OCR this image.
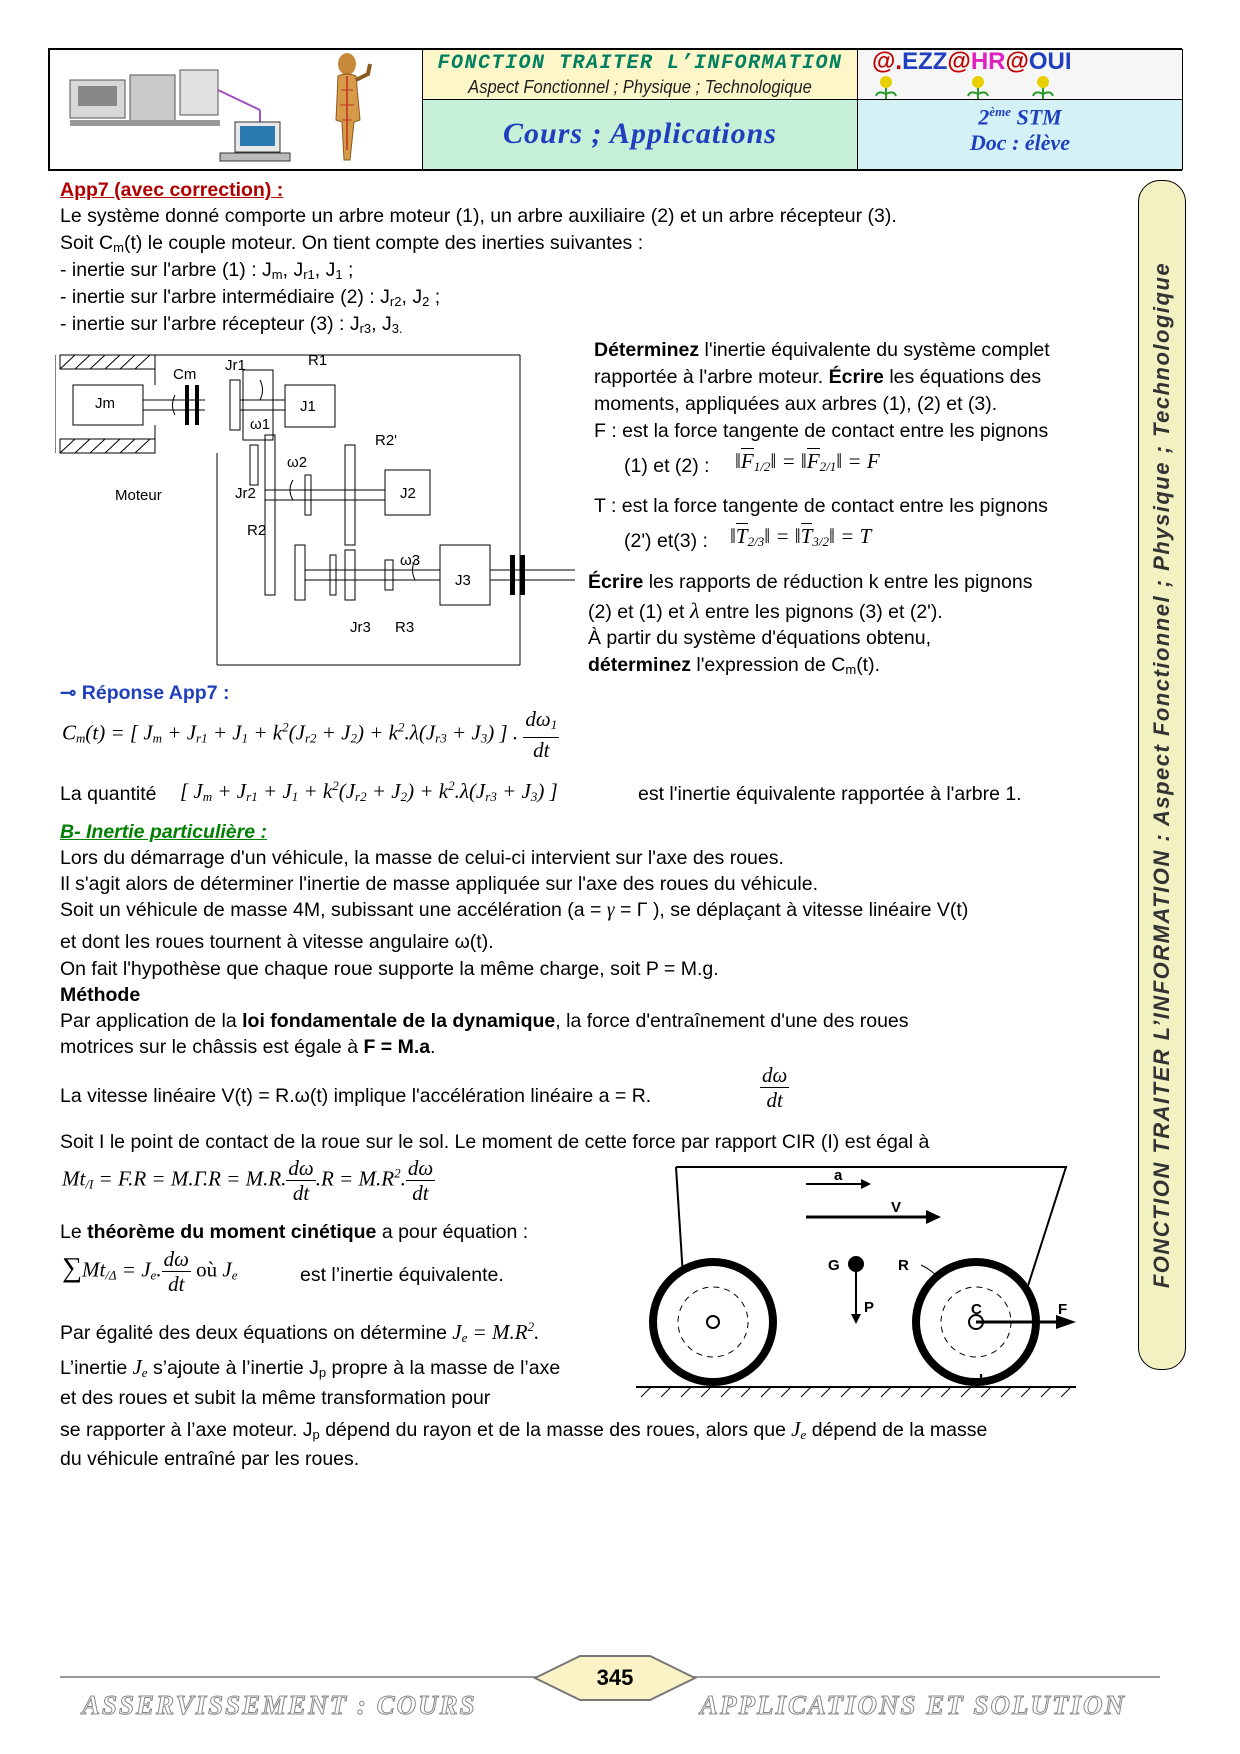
FONCTION TRAITER L’INFORMATION
Aspect Fonctionnel ; Physique ; Technologique
Cours ; Applications
@.EZZ@HR@OUI
2ème STM
Doc : élève
FONCTION TRAITER L’INFORMATION : Aspect Fonctionnel ; Physique ; Technologique
App7 (avec correction) :
Le système donné comporte un arbre moteur (1), un arbre auxiliaire (2) et un arbre récepteur (3).
Soit $C_m(t)$ le couple moteur. On tient compte des inerties suivantes :
- inertie sur l'arbre (1) : $J_m$, $J_{r1}$, $J_1$ ;
- inertie sur l'arbre intermédiaire (2) : $J_{r2}$, $J_2$ ;
- inertie sur l'arbre récepteur (3) : $J_{r3}$, $J_{3.}$
Déterminez l'inertie équivalente du système complet
rapportée à l'arbre moteur. Écrire les équations des
moments, appliquées aux arbres (1), (2) et (3).
F : est la force tangente de contact entre les pignons
(1) et (2) : $‖F_{1/2}‖$ = $‖F_{2/1}‖ = F$
T : est la force tangente de contact entre les pignons
(2') et(3) : $‖T_{2/3}‖$ = $‖T_{3/2}‖ = T$
Écrire les rapports de réduction k entre les pignons
(2) et (1) et λ entre les pignons (3) et (2').
À partir du système d'équations obtenu,
déterminez l'expression de $C_m(t)$.
Cm
Jr1	R1
Jm	J1
ω1
R2'
ω2
Moteur	Jr2	J2
R2
ω3
J3
Jr3 R3
⊸ Réponse App7 :
$C_m(t)$ = [ $J_m + J_{r1} + J_1 + k^2(J_{r2} + J_2) + k^2.\lambda(J_{r3} + J_3)$ ] . $\frac{d\omega_1}{dt}$
La quantité [ $J_m + J_{r1} + J_1 + k^2(J_{r2} + J_2) + k^2.\lambda(J_{r3} + J_3)$ ]	est l'inertie équivalente rapportée à l'arbre 1.
B- Inertie particulière :
Lors du démarrage d'un véhicule, la masse de celui-ci intervient sur l'axe des roues.
Il s'agit alors de déterminer l'inertie de masse appliquée sur l'axe des roues du véhicule.
Soit un véhicule de masse 4M, subissant une accélération (a = γ = Γ ), se déplaçant à vitesse linéaire V(t)
et dont les roues tournent à vitesse angulaire ω(t).
On fait l'hypothèse que chaque roue supporte la même charge, soit P = M.g.
Méthode
Par application de la loi fondamentale de la dynamique, la force d'entraînement d'une des roues
motrices sur le châssis est égale à F = M.a.
La vitesse linéaire V(t) = R.ω(t) implique l'accélération linéaire a = R.	$\frac{d\omega}{dt}$
Soit I le point de contact de la roue sur le sol. Le moment de cette force par rapport CIR (I) est égal à
$Mt_{/I} = F.R = M.\Gamma.R = M.R$. $\frac{d\omega}{dt} .R = M.R^2$. $\frac{d\omega}{dt}$
Le théorème du moment cinétique a pour équation :
$\sum Mt_{/\Delta} = J_e$. $\frac{d\omega}{dt}$ où $J_e$	est l’inertie équivalente.
Par égalité des deux équations on détermine $J_e = M.R^2$.
L’inertie $J_e$ s’ajoute à l’inertie $J_p$ propre à la masse de l’axe
et des roues et subit la même transformation pour
se rapporter à l’axe moteur. $J_p$ dépend du rayon et de la masse des roues, alors que $J_e$ dépend de la masse
du véhicule entraîné par les roues.
a
V
G	R
P	C	F
I
345
ASSERVISSEMENT : COURS	APPLICATIONS ET SOLUTION
